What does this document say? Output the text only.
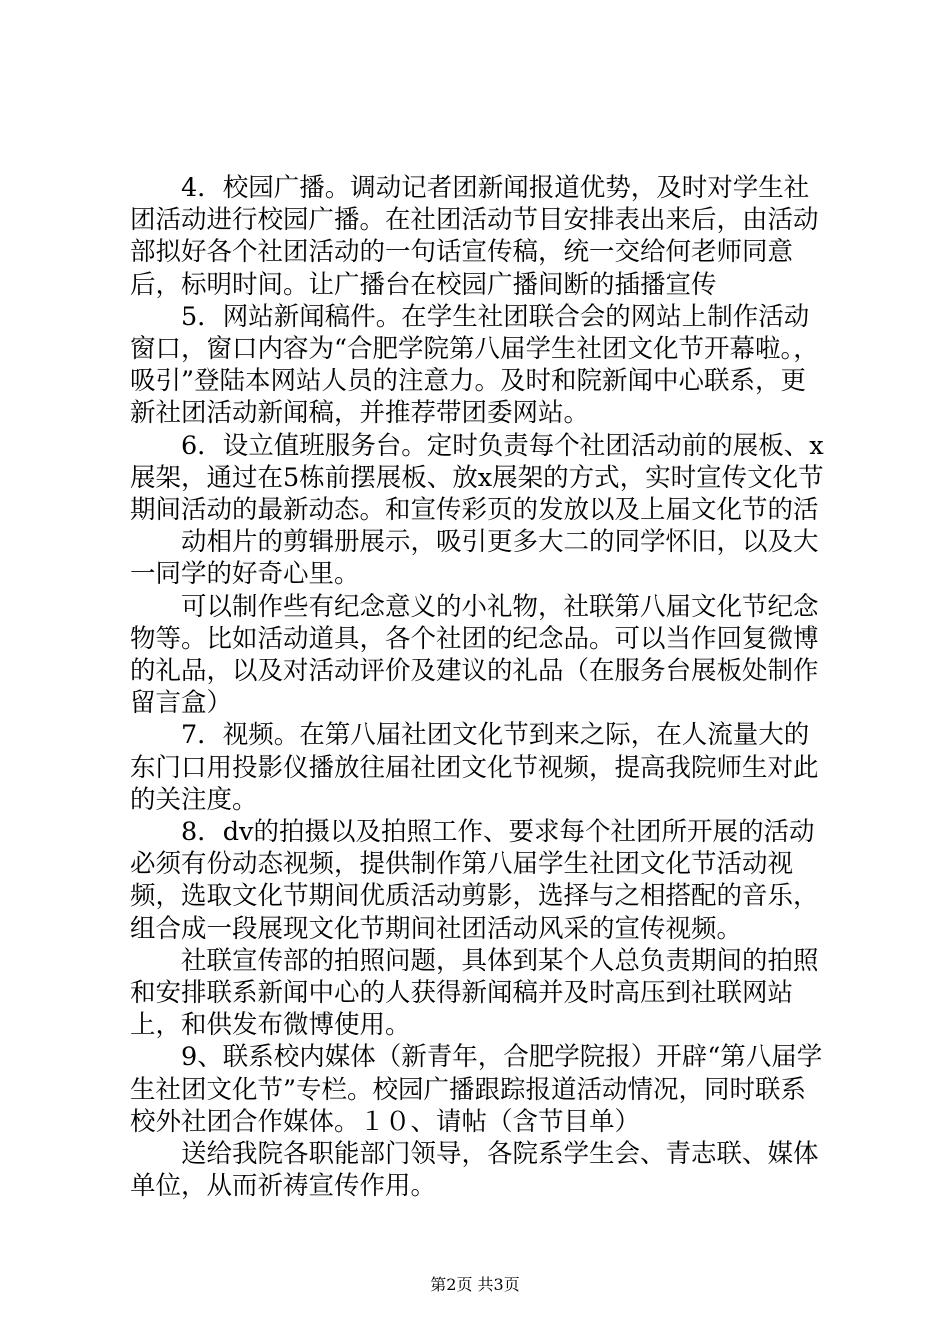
4．校园广播。调动记者团新闻报道优势，及时对学生社团活动进行校园广播。在社团活动节目安排表出来后，由活动部拟好各个社团活动的一句话宣传稿，统一交给何老师同意后，标明时间。让广播台在校园广播间断的插播宣传

5．网站新闻稿件。在学生社团联合会的网站上制作活动窗口，窗口内容为“合肥学院第八届学生社团文化节开幕啦。，吸引”登陆本网站人员的注意力。及时和院新闻中心联系，更新社团活动新闻稿，并推荐带团委网站。

6．设立值班服务台。定时负责每个社团活动前的展板、x展架，通过在5栋前摆展板、放x展架的方式，实时宣传文化节期间活动的最新动态。和宣传彩页的发放以及上届文化节的活

动相片的剪辑册展示，吸引更多大二的同学怀旧，以及大一同学的好奇心里。

可以制作些有纪念意义的小礼物，社联第八届文化节纪念物等。比如活动道具，各个社团的纪念品。可以当作回复微博的礼品，以及对活动评价及建议的礼品（在服务台展板处制作留言盒）

7．视频。在第八届社团文化节到来之际，在人流量大的东门口用投影仪播放往届社团文化节视频，提高我院师生对此的关注度。

8．dv的拍摄以及拍照工作、要求每个社团所开展的活动必须有份动态视频，提供制作第八届学生社团文化节活动视频，选取文化节期间优质活动剪影，选择与之相搭配的音乐，组合成一段展现文化节期间社团活动风采的宣传视频。

社联宣传部的拍照问题，具体到某个人总负责期间的拍照和安排联系新闻中心的人获得新闻稿并及时高压到社联网站上，和供发布微博使用。

9、联系校内媒体（新青年，合肥学院报）开辟“第八届学生社团文化节”专栏。校园广播跟踪报道活动情况，同时联系校外社团合作媒体。１０、请帖（含节目单）

送给我院各职能部门领导，各院系学生会、青志联、媒体单位，从而祈祷宣传作用。

第2页 共3页
